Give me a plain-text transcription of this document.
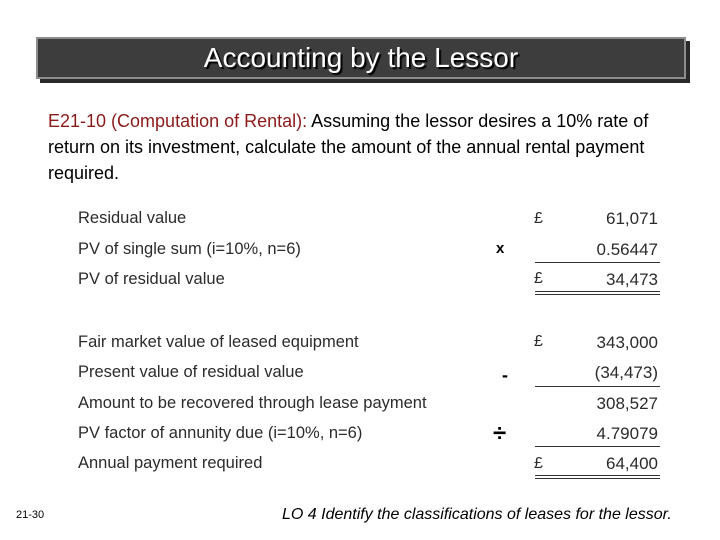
Accounting by the Lessor

E21-10 (Computation of Rental): Assuming the lessor desires a 10% rate of return on its investment, calculate the amount of the annual rental payment required.

Residual value	£	61,071
PV of single sum (i=10%, n=6)	x	0.56447
PV of residual value	£	34,473
Fair market value of leased equipment	£	343,000
Present value of residual value	-	(34,473)
Amount to be recovered through lease payment	308,527
PV factor of annunity due (i=10%, n=6)	÷	4.79079
Annual payment required	£	64,400
21-30	LO 4 Identify the classifications of leases for the lessor.
